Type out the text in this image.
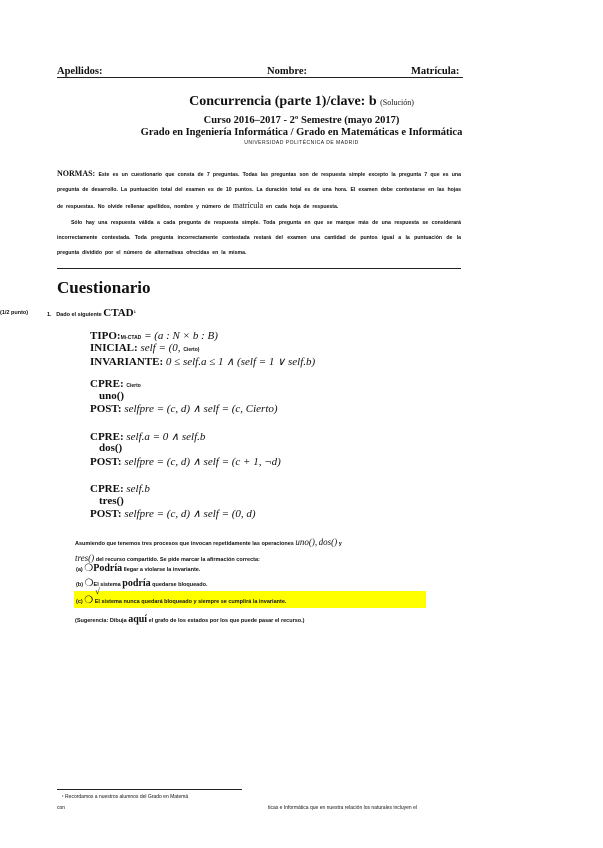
Apellidos:	Nombre:	Matrícula:
Concurrencia (parte 1)/clave: b (Solución)
Curso 2016–2017 - 2º Semestre (mayo 2017)
Grado en Ingeniería Informática / Grado en Matemáticas e Informática
UNIVERSIDAD POLITÉCNICA DE MADRID
NORMAS: Este es un cuestionario que consta de 7 preguntas. Todas las preguntas son de respuesta simple excepto la pregunta 7 que es una pregunta de desarrollo. La puntuación total del examen es de 10 puntos. La duración total es de una hora. El examen debe contestarse en las hojas de respuestas. No olvide rellenar apellidos, nombre y número de matrícula en cada hoja de respuesta.
Sólo hay una respuesta válida a cada pregunta de respuesta simple. Toda pregunta en que se marque más de una respuesta se considerará incorrectamente contestada. Toda pregunta incorrectamente contestada restará del examen una cantidad de puntos igual a la puntuación de la pregunta dividido por el número de alternativas ofrecidas en la misma.
Cuestionario
(1/2 punto)	1. Dado el siguiente CTAD$^1$
TIPO:Mi-CTAD = (a : N × b : B)
INICIAL: self = (0, Cierto)
INVARIANTE: 0 ≤ self.a ≤ 1 ∧ (self = 1 ∨ self.b)
CPRE: Cierto
uno()
POST: selfpre = (c, d) ∧ self = (c, Cierto)
CPRE: self.a = 0 ∧ self.b
dos()
POST: selfpre = (c, d) ∧ self = (c + 1, ¬d)
CPRE: self.b
tres()
POST: selfpre = (c, d) ∧ self = (0, d)
Asumiendo que tenemos tres procesos que invocan repetidamente las operaciones uno(), dos() y
tres() del recurso compartido. Se pide marcar la afirmación correcta:
(a) ❍Podría llegar a violarse la invariante.
(b) ❍El sistema podría quedarse bloqueado.
(c) ❍ El sistema nunca quedará bloqueado y siempre se cumplirá la invariante.
√
(Sugerencia: Dibuja aquí el grafo de los estados por los que puede pasar el recurso.)
¹ Recordamos a nuestros alumnos del Grado en Matemá
con	ticas e Informática que en nuestra relación los naturales incluyen el
